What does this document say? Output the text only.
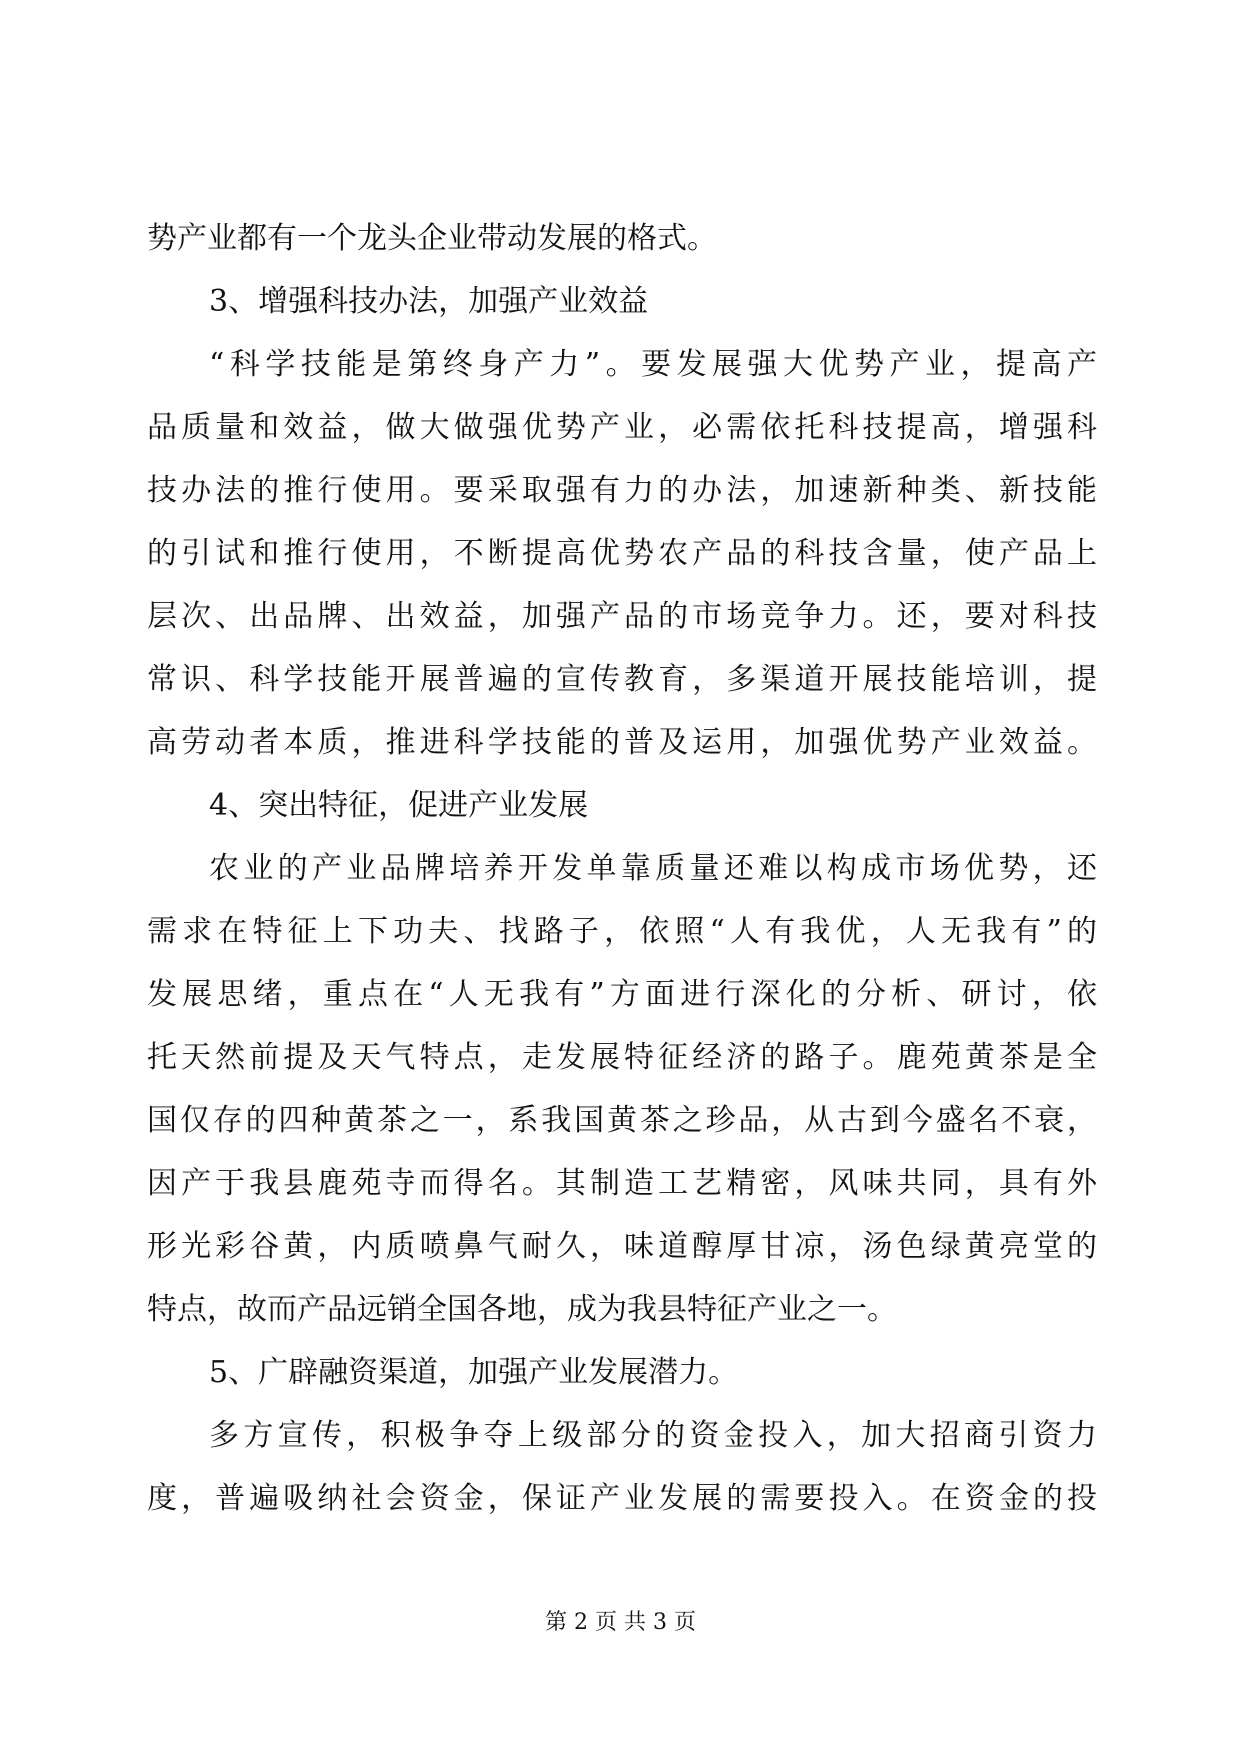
势产业都有一个龙头企业带动发展的格式。
3、增强科技办法，加强产业效益
“科学技能是第终身产力”。要发展强大优势产业，提高产
品质量和效益，做大做强优势产业，必需依托科技提高，增强科
技办法的推行使用。要采取强有力的办法，加速新种类、新技能
的引试和推行使用，不断提高优势农产品的科技含量，使产品上
层次、出品牌、出效益，加强产品的市场竞争力。还，要对科技
常识、科学技能开展普遍的宣传教育，多渠道开展技能培训，提
高劳动者本质，推进科学技能的普及运用，加强优势产业效益。
4、突出特征，促进产业发展
农业的产业品牌培养开发单靠质量还难以构成市场优势，还
需求在特征上下功夫、找路子，依照“人有我优，人无我有”的
发展思绪，重点在“人无我有”方面进行深化的分析、研讨，依
托天然前提及天气特点，走发展特征经济的路子。鹿苑黄茶是全
国仅存的四种黄茶之一，系我国黄茶之珍品，从古到今盛名不衰，
因产于我县鹿苑寺而得名。其制造工艺精密，风味共同，具有外
形光彩谷黄，内质喷鼻气耐久，味道醇厚甘凉，汤色绿黄亮堂的
特点，故而产品远销全国各地，成为我县特征产业之一。
5、广辟融资渠道，加强产业发展潜力。
多方宣传，积极争夺上级部分的资金投入，加大招商引资力
度，普遍吸纳社会资金，保证产业发展的需要投入。在资金的投
第 2 页 共 3 页
